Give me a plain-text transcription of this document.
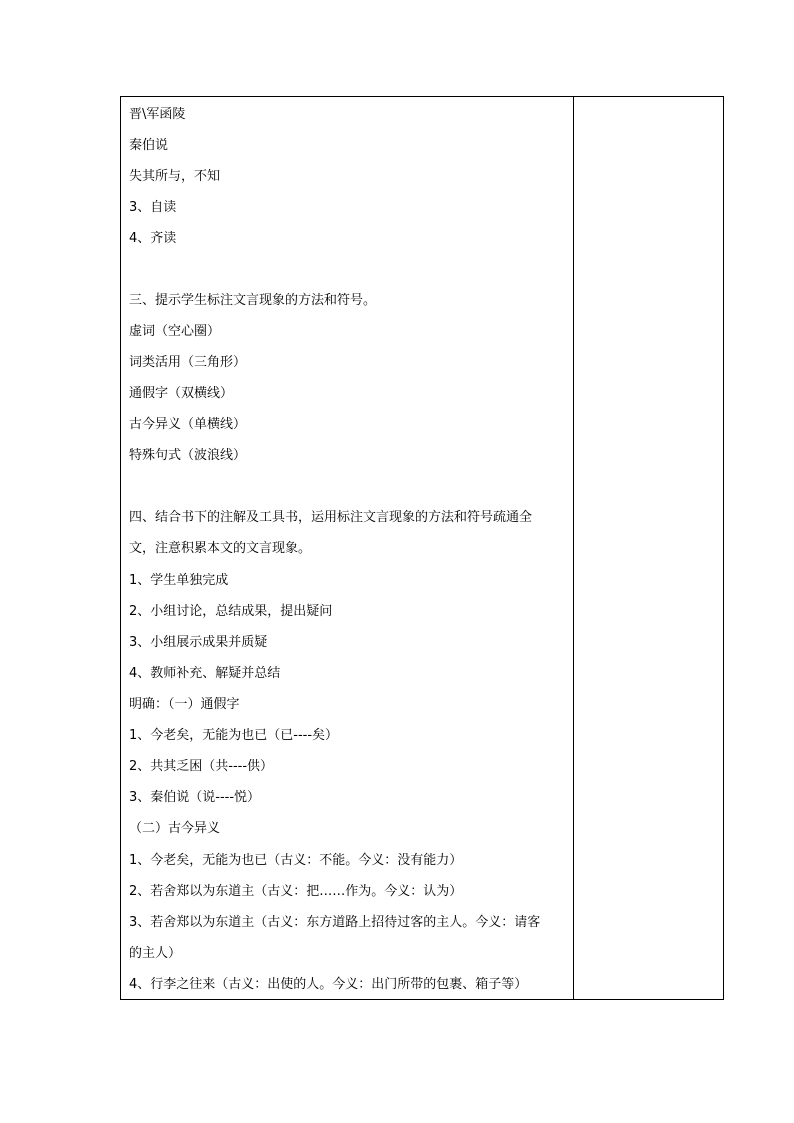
晋\军函陵
秦伯说
失其所与，不知
3、自读
4、齐读
三、提示学生标注文言现象的方法和符号。
虚词（空心圈）
词类活用（三角形）
通假字（双横线）
古今异义（单横线）
特殊句式（波浪线）
四、结合书下的注解及工具书，运用标注文言现象的方法和符号疏通全
文，注意积累本文的文言现象。
1、学生单独完成
2、小组讨论，总结成果，提出疑问
3、小组展示成果并质疑
4、教师补充、解疑并总结
明确：（一）通假字
1、今老矣，无能为也已（已----矣）
2、共其乏困（共----供）
3、秦伯说（说----悦）
（二）古今异义
1、今老矣，无能为也已（古义：不能。今义：没有能力）
2、若舍郑以为东道主（古义：把……作为。今义：认为）
3、若舍郑以为东道主（古义：东方道路上招待过客的主人。今义：请客
的主人）
4、行李之往来（古义：出使的人。今义：出门所带的包裹、箱子等）
